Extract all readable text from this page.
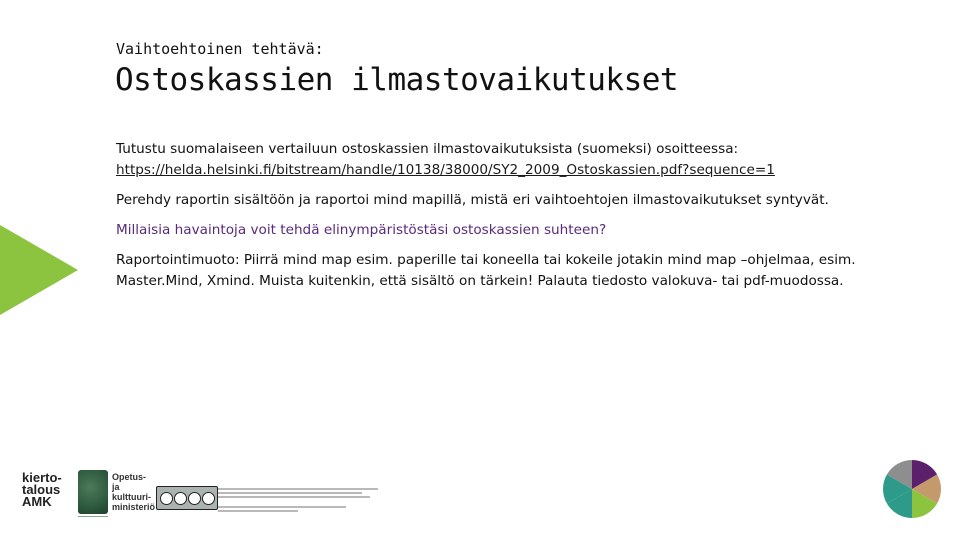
Vaihtoehtoinen tehtävä:
Ostoskassien ilmastovaikutukset

Tutustu suomalaiseen vertailuun ostoskassien ilmastovaikutuksista (suomeksi) osoitteessa:
https://helda.helsinki.fi/bitstream/handle/10138/38000/SY2_2009_Ostoskassien.pdf?sequence=1

Perehdy raportin sisältöön ja raportoi mind mapillä, mistä eri vaihtoehtojen ilmastovaikutukset syntyvät.

Millaisia havaintoja voit tehdä elinympäristöstäsi ostoskassien suhteen?

Raportointimuoto: Piirrä mind map esim. paperille tai koneella tai kokeile jotakin mind map –ohjelmaa, esim. Master.Mind, Xmind. Muista kuitenkin, että sisältö on tärkein! Palauta tiedosto valokuva- tai pdf-muodossa.

kierto-
talous
AMK
Opetus- ja
kulttuuri-
ministeriö
